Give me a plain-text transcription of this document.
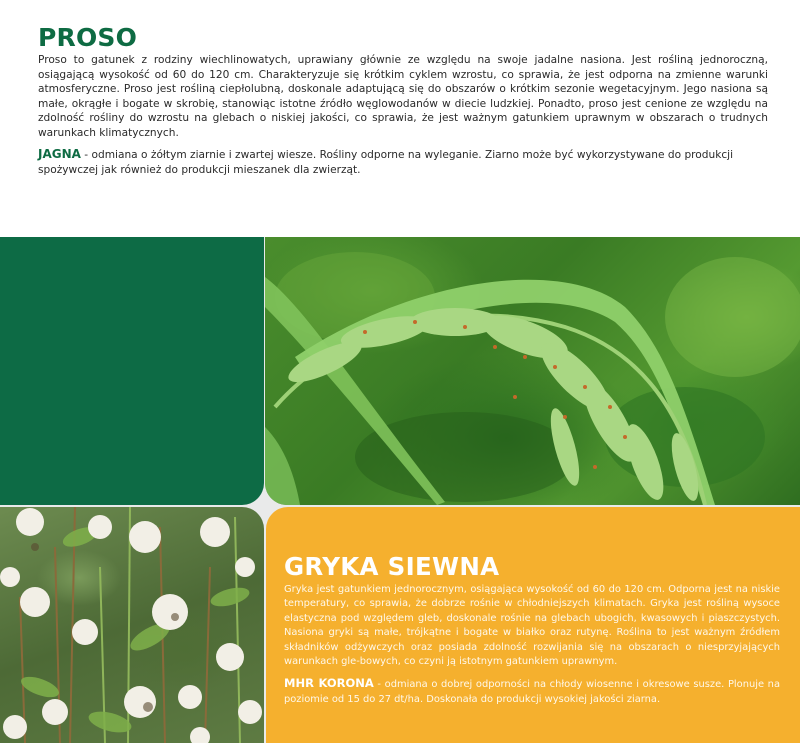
PROSO

Proso to gatunek z rodziny wiechlinowatych, uprawiany głównie ze względu na swoje jadalne nasiona. Jest rośliną jednoroczną, osiągającą wysokość od 60 do 120 cm. Charakteryzuje się krótkim cyklem wzrostu, co sprawia, że jest odporna na zmienne warunki atmosferyczne. Proso jest rośliną ciepłolubną, doskonale adaptującą się do obszarów o krótkim sezonie wegetacyjnym. Jego nasiona są małe, okrągłe i bogate w skrobię, stanowiąc istotne źródło węglowodanów w diecie ludzkiej. Ponadto, proso jest cenione ze względu na zdolność rośliny do wzrostu na glebach o niskiej jakości, co sprawia, że jest ważnym gatunkiem uprawnym w obszarach o trudnych warunkach klimatycznych.

JAGNA - odmiana o żółtym ziarnie i zwartej wiesze. Rośliny odporne na wyleganie. Ziarno może być wykorzystywane do produkcji spożywczej jak również do produkcji mieszanek dla zwierząt.

GRYKA SIEWNA

Gryka jest gatunkiem jednorocznym, osiągająca wysokość od 60 do 120 cm. Odporna jest na niskie temperatury, co sprawia, że dobrze rośnie w chłodniejszych klimatach. Gryka jest rośliną wysoce elastyczna pod względem gleb, doskonale rośnie na glebach ubogich, kwasowych i piaszczystych. Nasiona gryki są małe, trójkątne i bogate w białko oraz rutynę. Roślina to jest ważnym źródłem składników odżywczych oraz posiada zdolność rozwijania się na obszarach o niesprzyjających warunkach gle-bowych, co czyni ją istotnym gatunkiem uprawnym.

MHR KORONA - odmiana o dobrej odporności na chłody wiosenne i okresowe susze. Plonuje na poziomie od 15 do 27 dt/ha. Doskonała do produkcji wysokiej jakości ziarna.
